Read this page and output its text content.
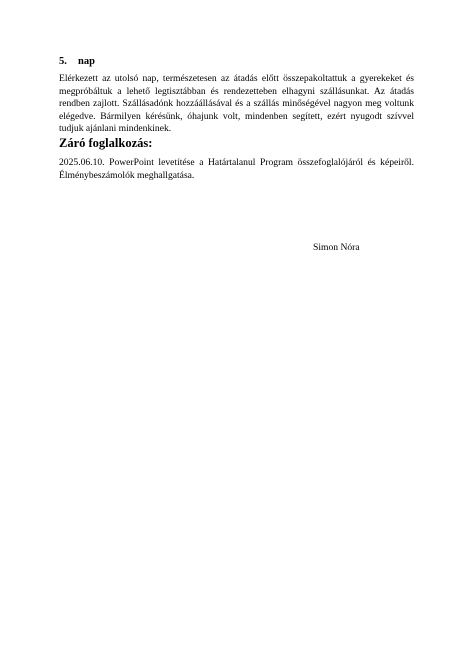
5. nap
Elérkezett az utolsó nap, természetesen az átadás előtt összepakoltattuk a gyerekeket és megpróbáltuk a lehető legtisztábban és rendezetteben elhagyni szállásunkat. Az átadás rendben zajlott. Szállásadónk hozzáállásával és a szállás minőségével nagyon meg voltunk elégedve. Bármilyen kérésünk, óhajunk volt, mindenben segített, ezért nyugodt szívvel tudjuk ajánlani mindenkinek.
Záró foglalkozás:
2025.06.10. PowerPoint levetítése a Határtalanul Program összefoglalójáról és képeiről. Élménybeszámolók meghallgatása.
Simon Nóra
